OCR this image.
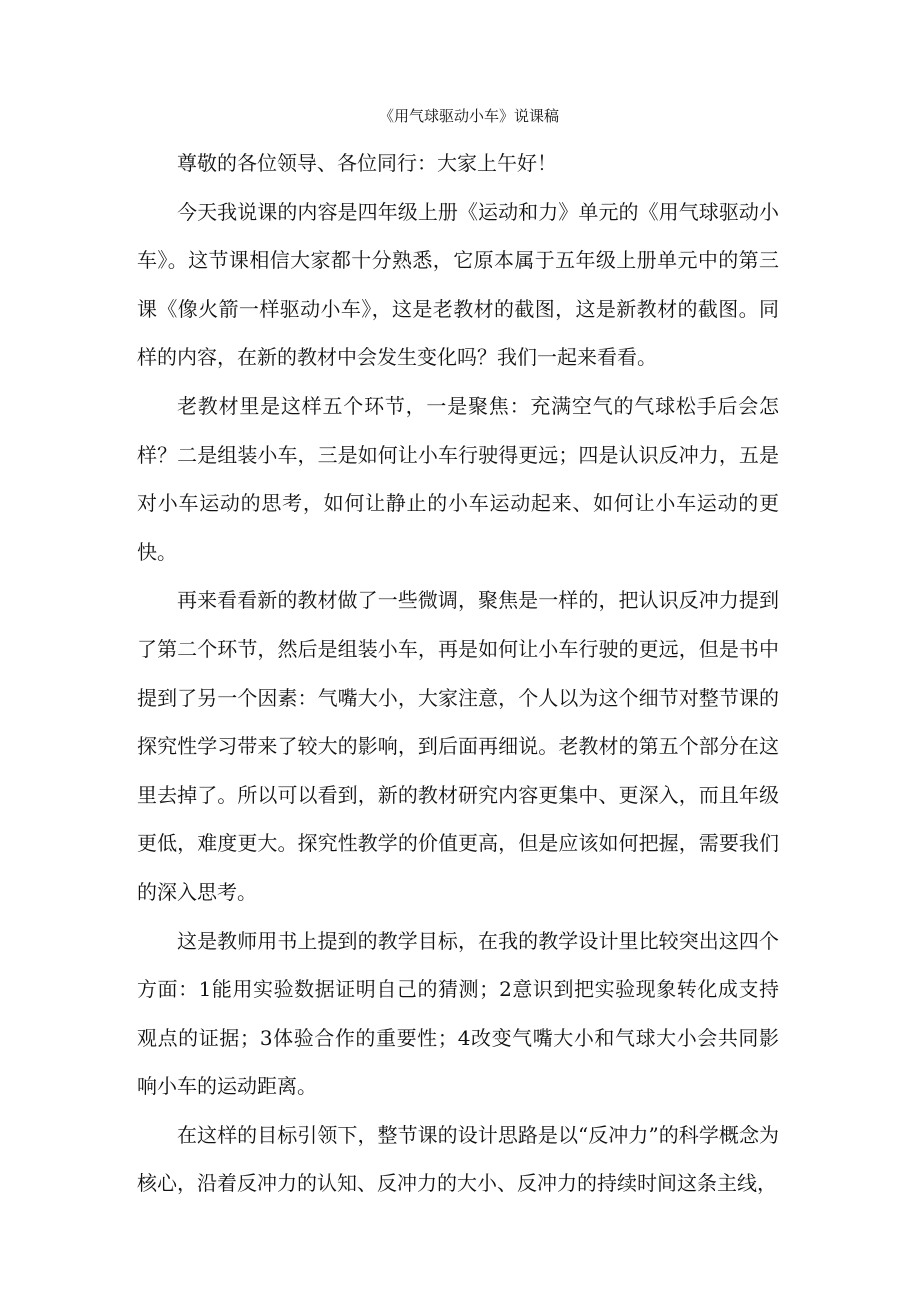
《用气球驱动小车》说课稿

尊敬的各位领导、各位同行：大家上午好！

今天我说课的内容是四年级上册《运动和力》单元的《用气球驱动小车》。这节课相信大家都十分熟悉，它原本属于五年级上册单元中的第三课《像火箭一样驱动小车》，这是老教材的截图，这是新教材的截图。同样的内容，在新的教材中会发生变化吗？我们一起来看看。

老教材里是这样五个环节，一是聚焦：充满空气的气球松手后会怎样？二是组装小车，三是如何让小车行驶得更远；四是认识反冲力，五是对小车运动的思考，如何让静止的小车运动起来、如何让小车运动的更快。

再来看看新的教材做了一些微调，聚焦是一样的，把认识反冲力提到了第二个环节，然后是组装小车，再是如何让小车行驶的更远，但是书中提到了另一个因素：气嘴大小，大家注意，个人以为这个细节对整节课的探究性学习带来了较大的影响，到后面再细说。老教材的第五个部分在这里去掉了。所以可以看到，新的教材研究内容更集中、更深入，而且年级更低，难度更大。探究性教学的价值更高，但是应该如何把握，需要我们的深入思考。

这是教师用书上提到的教学目标，在我的教学设计里比较突出这四个方面：1能用实验数据证明自己的猜测；2意识到把实验现象转化成支持观点的证据；3体验合作的重要性；4改变气嘴大小和气球大小会共同影响小车的运动距离。

在这样的目标引领下，整节课的设计思路是以“反冲力”的科学概念为核心，沿着反冲力的认知、反冲力的大小、反冲力的持续时间这条主线，
